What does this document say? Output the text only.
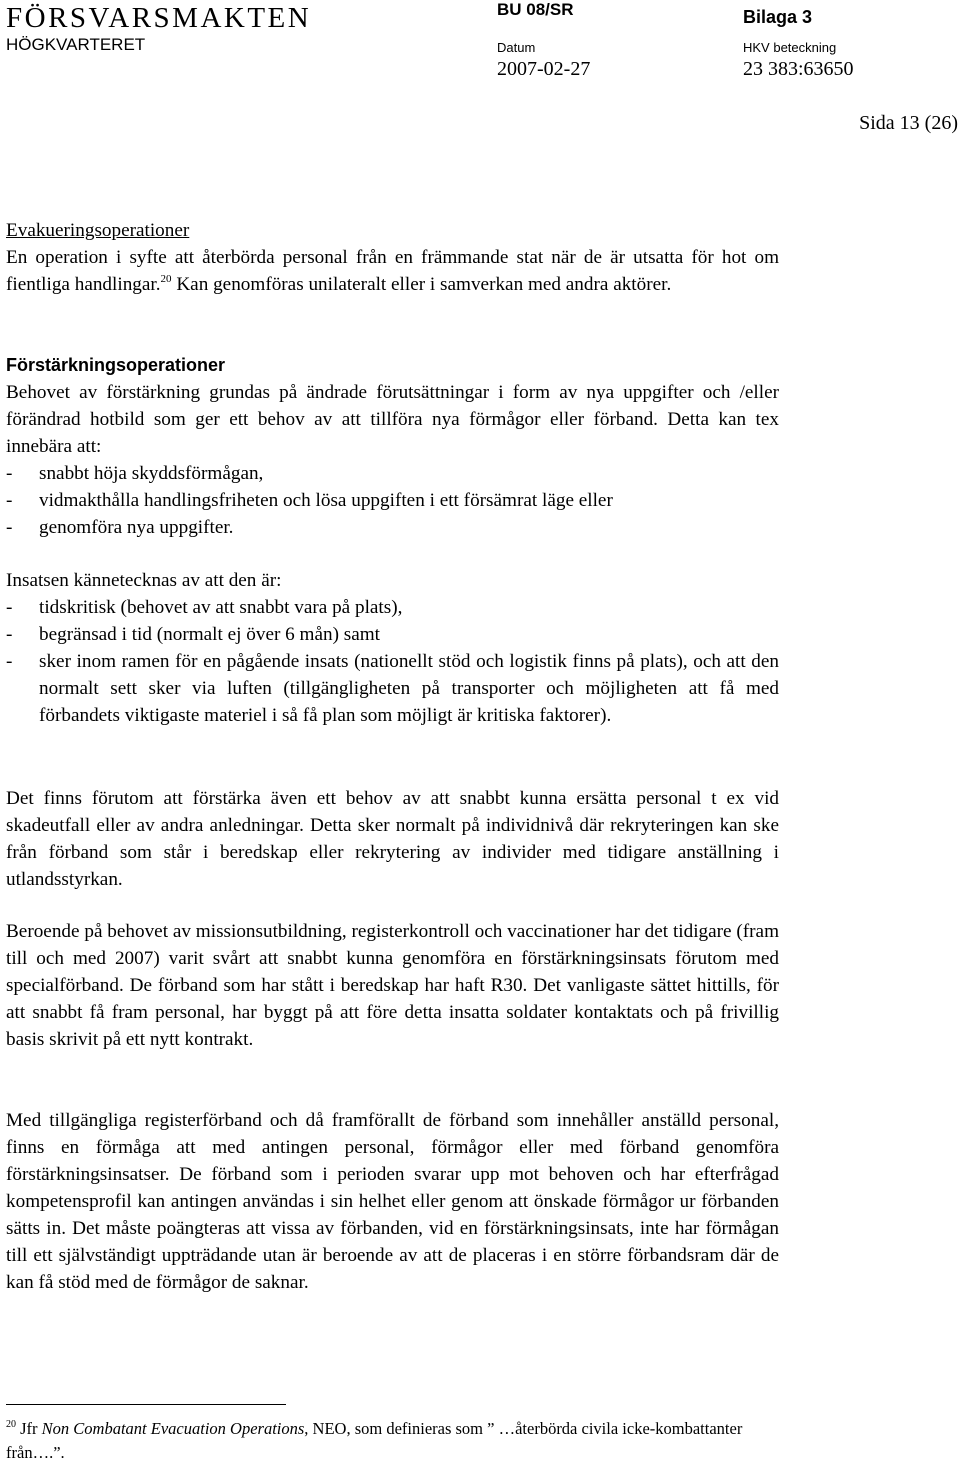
FÖRSVARSMAKTEN
HÖGKVARTERET
BU 08/SR	Bilaga 3
Datum	HKV beteckning
2007-02-27	23 383:63650
Sida 13 (26)

Evakueringsoperationer

En operation i syfte att återbörda personal från en främmande stat när de är utsatta för hot om fientliga handlingar.$^{20}$ Kan genomföras unilateralt eller i samverkan med andra aktörer.

Förstärkningsoperationer

Behovet av förstärkning grundas på ändrade förutsättningar i form av nya uppgifter och /eller förändrad hotbild som ger ett behov av att tillföra nya förmågor eller förband. Detta kan tex innebära att:

- snabbt höja skyddsförmågan,
- vidmakthålla handlingsfriheten och lösa uppgiften i ett försämrat läge eller
- genomföra nya uppgifter.

Insatsen kännetecknas av att den är:

- tidskritisk (behovet av att snabbt vara på plats),
- begränsad i tid (normalt ej över 6 mån) samt
- sker inom ramen för en pågående insats (nationellt stöd och logistik finns på plats), och att den normalt sett sker via luften (tillgängligheten på transporter och möjligheten att få med förbandets viktigaste materiel i så få plan som möjligt är kritiska faktorer).
Det finns förutom att förstärka även ett behov av att snabbt kunna ersätta personal t ex vid skadeutfall eller av andra anledningar. Detta sker normalt på individnivå där rekryteringen kan ske från förband som står i beredskap eller rekrytering av individer med tidigare anställning i utlandsstyrkan.
Beroende på behovet av missionsutbildning, registerkontroll och vaccinationer har det tidigare (fram till och med 2007) varit svårt att snabbt kunna genomföra en förstärkningsinsats förutom med specialförband. De förband som har stått i beredskap har haft R30. Det vanligaste sättet hittills, för att snabbt få fram personal, har byggt på att före detta insatta soldater kontaktats och på frivillig basis skrivit på ett nytt kontrakt.
Med tillgängliga registerförband och då framförallt de förband som innehåller anställd personal, finns en förmåga att med antingen personal, förmågor eller med förband genomföra förstärkningsinsatser. De förband som i perioden svarar upp mot behoven och har efterfrågad kompetensprofil kan antingen användas i sin helhet eller genom att önskade förmågor ur förbanden sätts in. Det måste poängteras att vissa av förbanden, vid en förstärkningsinsats, inte har förmågan till ett självständigt uppträdande utan är beroende av att de placeras i en större förbandsram där de kan få stöd med de förmågor de saknar.
$^{20}$ Jfr Non Combatant Evacuation Operations, NEO, som definieras som ” …återbörda civila icke-kombattanter från….”.
